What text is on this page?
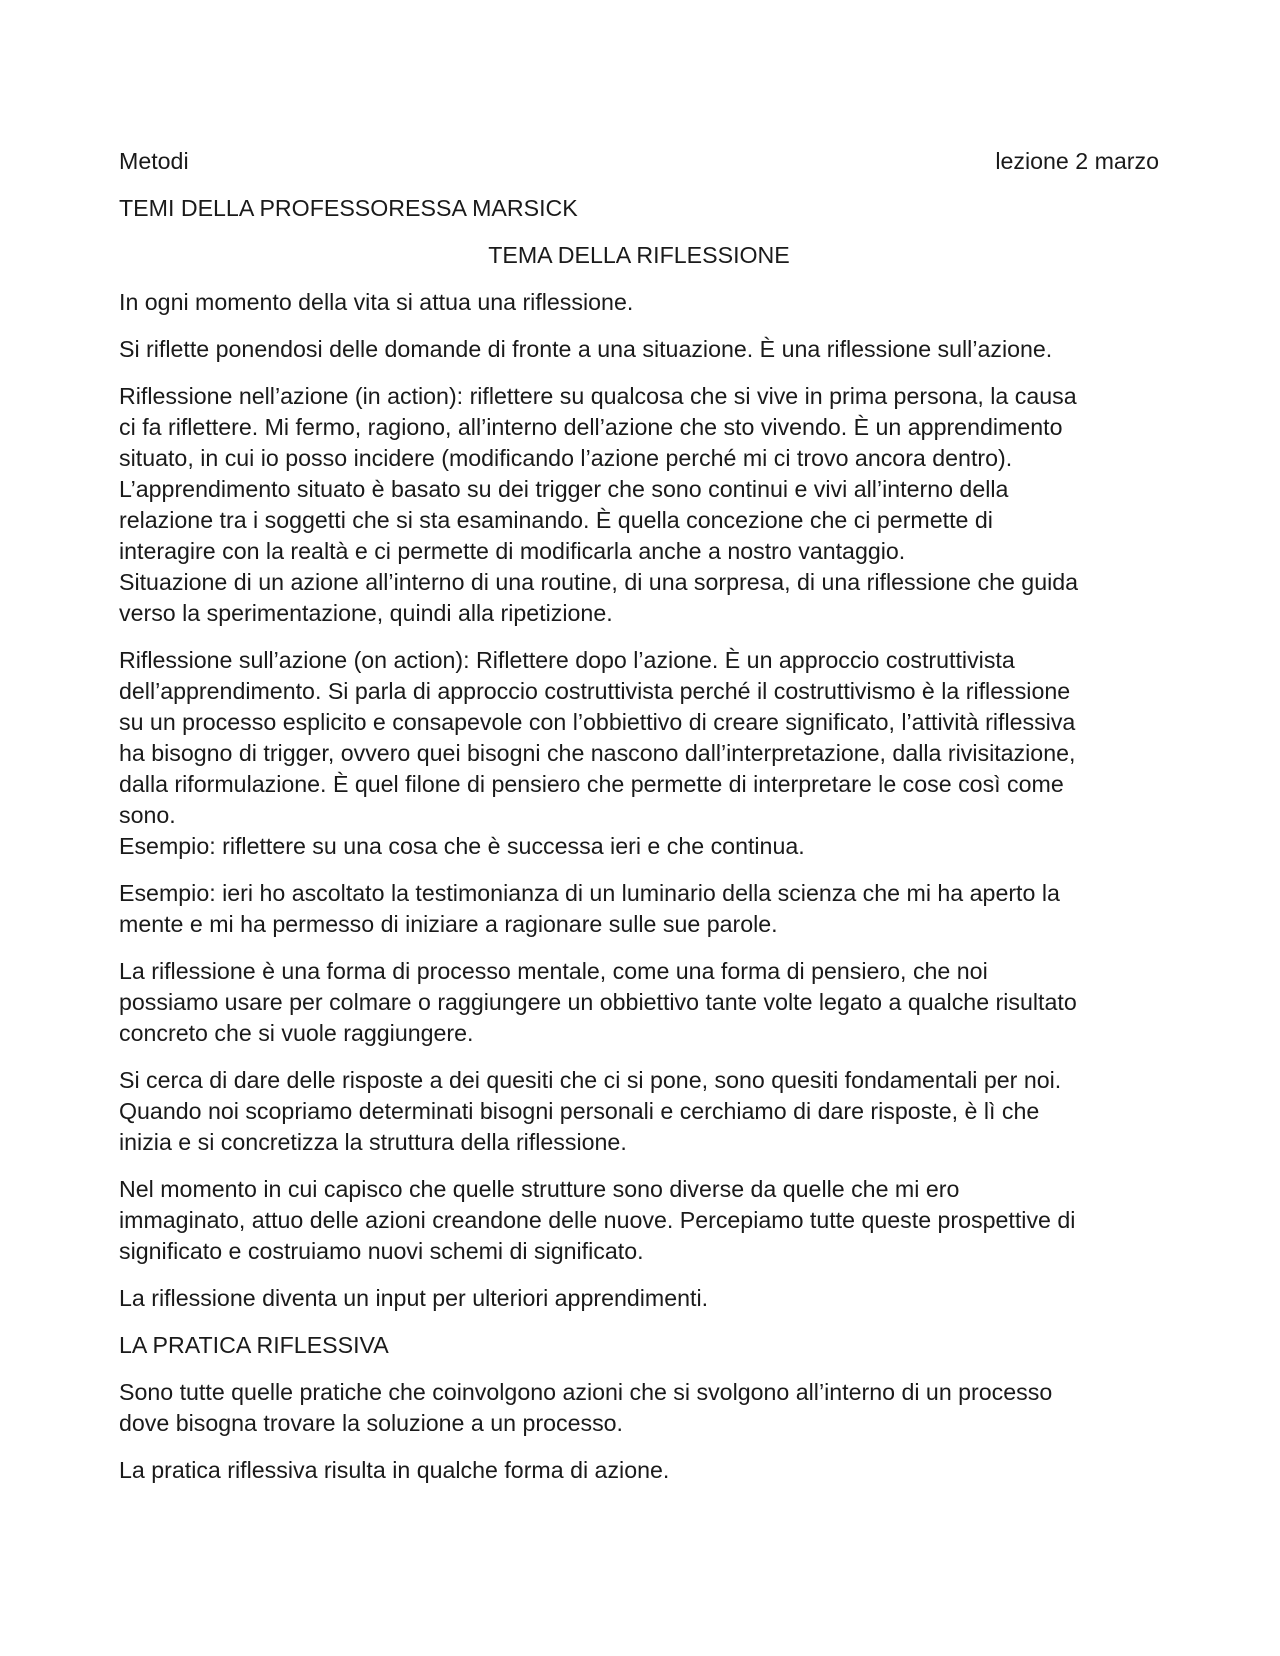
Metodi	lezione 2 marzo
TEMI DELLA PROFESSORESSA MARSICK
TEMA DELLA RIFLESSIONE
In ogni momento della vita si attua una riflessione.
Si riflette ponendosi delle domande di fronte a una situazione. È una riflessione sull’azione.
Riflessione nell’azione (in action): riflettere su qualcosa che si vive in prima persona, la causa
ci fa riflettere. Mi fermo, ragiono, all’interno dell’azione che sto vivendo. È un apprendimento
situato, in cui io posso incidere (modificando l’azione perché mi ci trovo ancora dentro).
L’apprendimento situato è basato su dei trigger che sono continui e vivi all’interno della
relazione tra i soggetti che si sta esaminando. È quella concezione che ci permette di
interagire con la realtà e ci permette di modificarla anche a nostro vantaggio.
Situazione di un azione all’interno di una routine, di una sorpresa, di una riflessione che guida
verso la sperimentazione, quindi alla ripetizione.
Riflessione sull’azione (on action): Riflettere dopo l’azione. È un approccio costruttivista
dell’apprendimento. Si parla di approccio costruttivista perché il costruttivismo è la riflessione
su un processo esplicito e consapevole con l’obbiettivo di creare significato, l’attività riflessiva
ha bisogno di trigger, ovvero quei bisogni che nascono dall’interpretazione, dalla rivisitazione,
dalla riformulazione. È quel filone di pensiero che permette di interpretare le cose così come
sono.
Esempio: riflettere su una cosa che è successa ieri e che continua.
Esempio: ieri ho ascoltato la testimonianza di un luminario della scienza che mi ha aperto la
mente e mi ha permesso di iniziare a ragionare sulle sue parole.
La riflessione è una forma di processo mentale, come una forma di pensiero, che noi
possiamo usare per colmare o raggiungere un obbiettivo tante volte legato a qualche risultato
concreto che si vuole raggiungere.
Si cerca di dare delle risposte a dei quesiti che ci si pone, sono quesiti fondamentali per noi.
Quando noi scopriamo determinati bisogni personali e cerchiamo di dare risposte, è lì che
inizia e si concretizza la struttura della riflessione.
Nel momento in cui capisco che quelle strutture sono diverse da quelle che mi ero
immaginato, attuo delle azioni creandone delle nuove. Percepiamo tutte queste prospettive di
significato e costruiamo nuovi schemi di significato.
La riflessione diventa un input per ulteriori apprendimenti.
LA PRATICA RIFLESSIVA
Sono tutte quelle pratiche che coinvolgono azioni che si svolgono all’interno di un processo
dove bisogna trovare la soluzione a un processo.
La pratica riflessiva risulta in qualche forma di azione.
